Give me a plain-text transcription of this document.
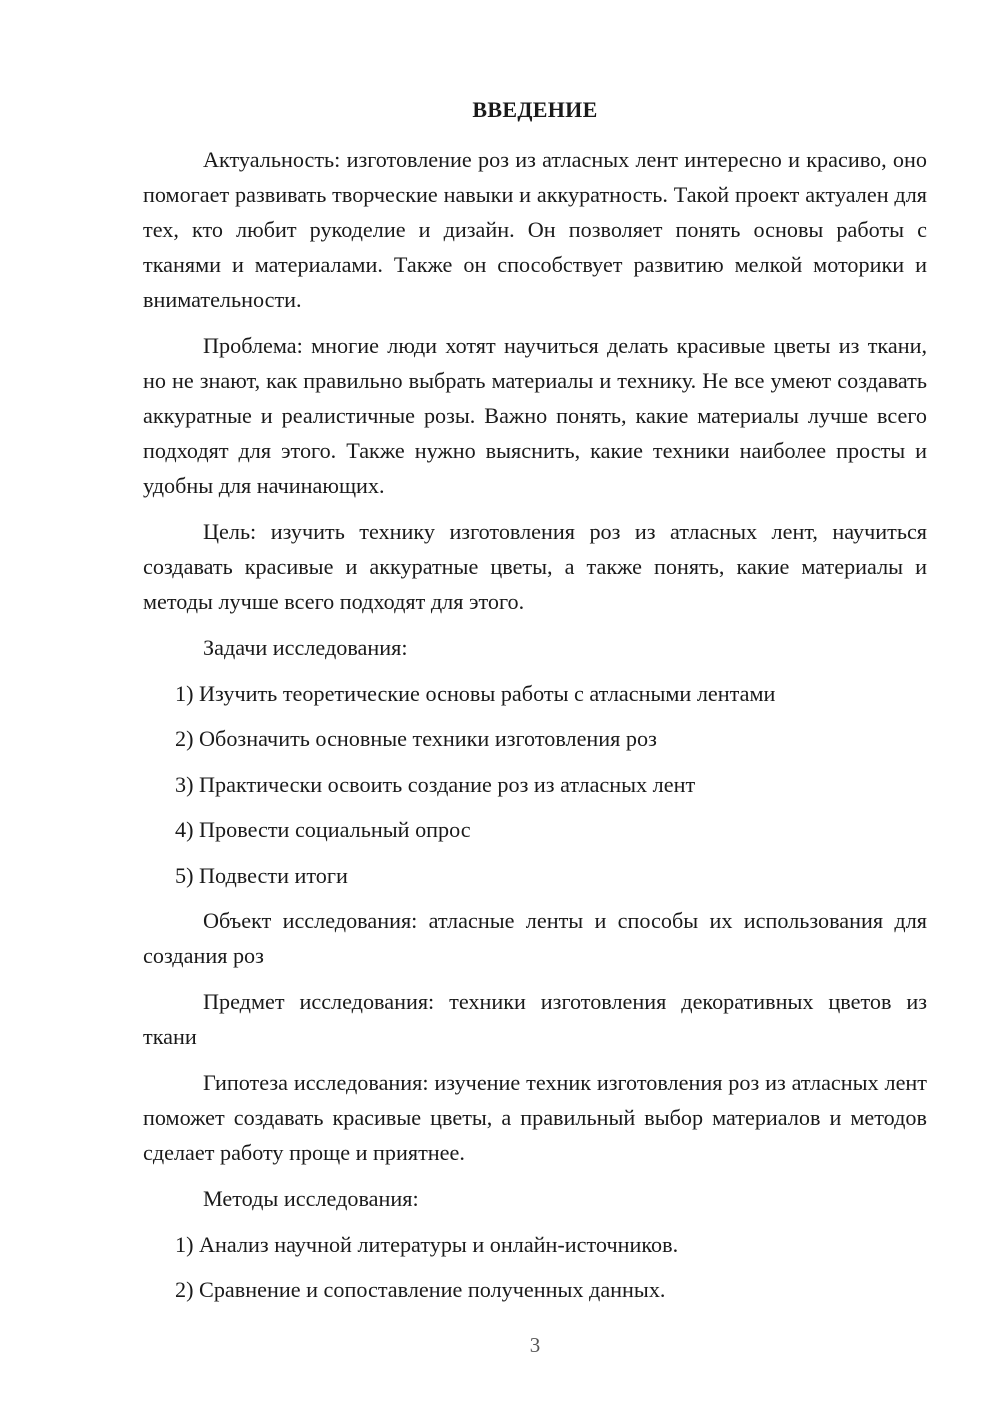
ВВЕДЕНИЕ

Актуальность: изготовление роз из атласных лент интересно и красиво, оно помогает развивать творческие навыки и аккуратность. Такой проект актуален для тех, кто любит рукоделие и дизайн. Он позволяет понять основы работы с тканями и материалами. Также он способствует развитию мелкой моторики и внимательности.

Проблема: многие люди хотят научиться делать красивые цветы из ткани, но не знают, как правильно выбрать материалы и технику. Не все умеют создавать аккуратные и реалистичные розы. Важно понять, какие материалы лучше всего подходят для этого. Также нужно выяснить, какие техники наиболее просты и удобны для начинающих.

Цель: изучить технику изготовления роз из атласных лент, научиться создавать красивые и аккуратные цветы, а также понять, какие материалы и методы лучше всего подходят для этого.

Задачи исследования:

1) Изучить теоретические основы работы с атласными лентами

2) Обозначить основные техники изготовления роз

3) Практически освоить создание роз из атласных лент

4) Провести социальный опрос

5) Подвести итоги

Объект исследования: атласные ленты и способы их использования для создания роз

Предмет исследования: техники изготовления декоративных цветов из ткани

Гипотеза исследования: изучение техник изготовления роз из атласных лент поможет создавать красивые цветы, а правильный выбор материалов и методов сделает работу проще и приятнее.

Методы исследования:

1) Анализ научной литературы и онлайн-источников.

2) Сравнение и сопоставление полученных данных.

3
